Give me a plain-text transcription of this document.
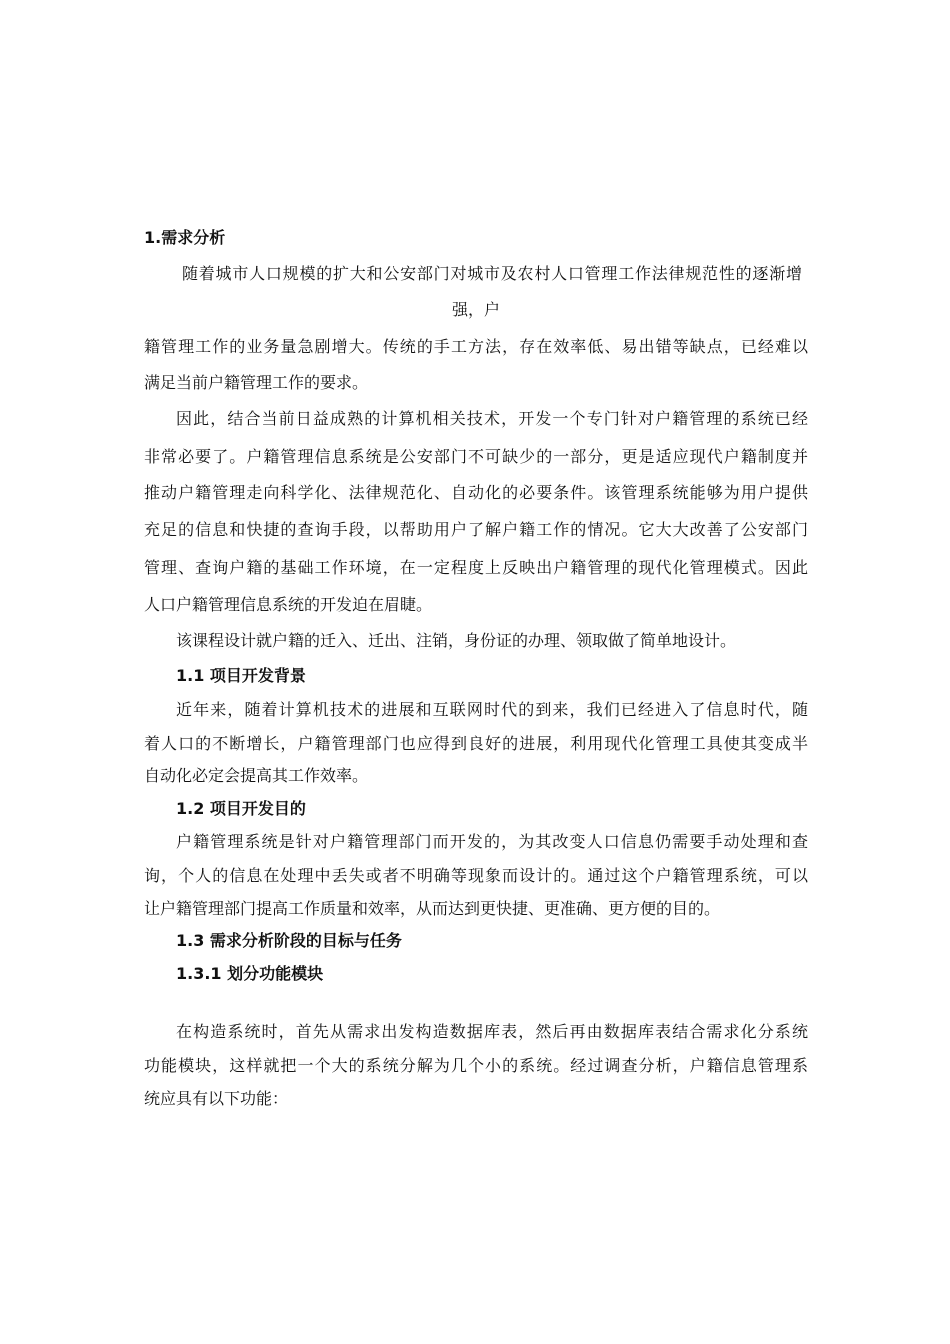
1.需求分析
随着城市人口规模的扩大和公安部门对城市及农村人口管理工作法律规范性的逐渐增
强，户
籍管理工作的业务量急剧增大。传统的手工方法，存在效率低、易出错等缺点，已经难以
满足当前户籍管理工作的要求。
因此，结合当前日益成熟的计算机相关技术，开发一个专门针对户籍管理的系统已经
非常必要了。户籍管理信息系统是公安部门不可缺少的一部分，更是适应现代户籍制度并
推动户籍管理走向科学化、法律规范化、自动化的必要条件。该管理系统能够为用户提供
充足的信息和快捷的查询手段，以帮助用户了解户籍工作的情况。它大大改善了公安部门
管理、查询户籍的基础工作环境，在一定程度上反映出户籍管理的现代化管理模式。因此
人口户籍管理信息系统的开发迫在眉睫。
该课程设计就户籍的迁入、迁出、注销，身份证的办理、领取做了简单地设计。
1.1 项目开发背景
近年来，随着计算机技术的进展和互联网时代的到来，我们已经进入了信息时代，随
着人口的不断增长，户籍管理部门也应得到良好的进展，利用现代化管理工具使其变成半
自动化必定会提高其工作效率。
1.2 项目开发目的
户籍管理系统是针对户籍管理部门而开发的，为其改变人口信息仍需要手动处理和查
询，个人的信息在处理中丢失或者不明确等现象而设计的。通过这个户籍管理系统，可以
让户籍管理部门提高工作质量和效率，从而达到更快捷、更准确、更方便的目的。
1.3 需求分析阶段的目标与任务
1.3.1 划分功能模块
在构造系统时，首先从需求出发构造数据库表，然后再由数据库表结合需求化分系统
功能模块，这样就把一个大的系统分解为几个小的系统。经过调查分析，户籍信息管理系
统应具有以下功能：
